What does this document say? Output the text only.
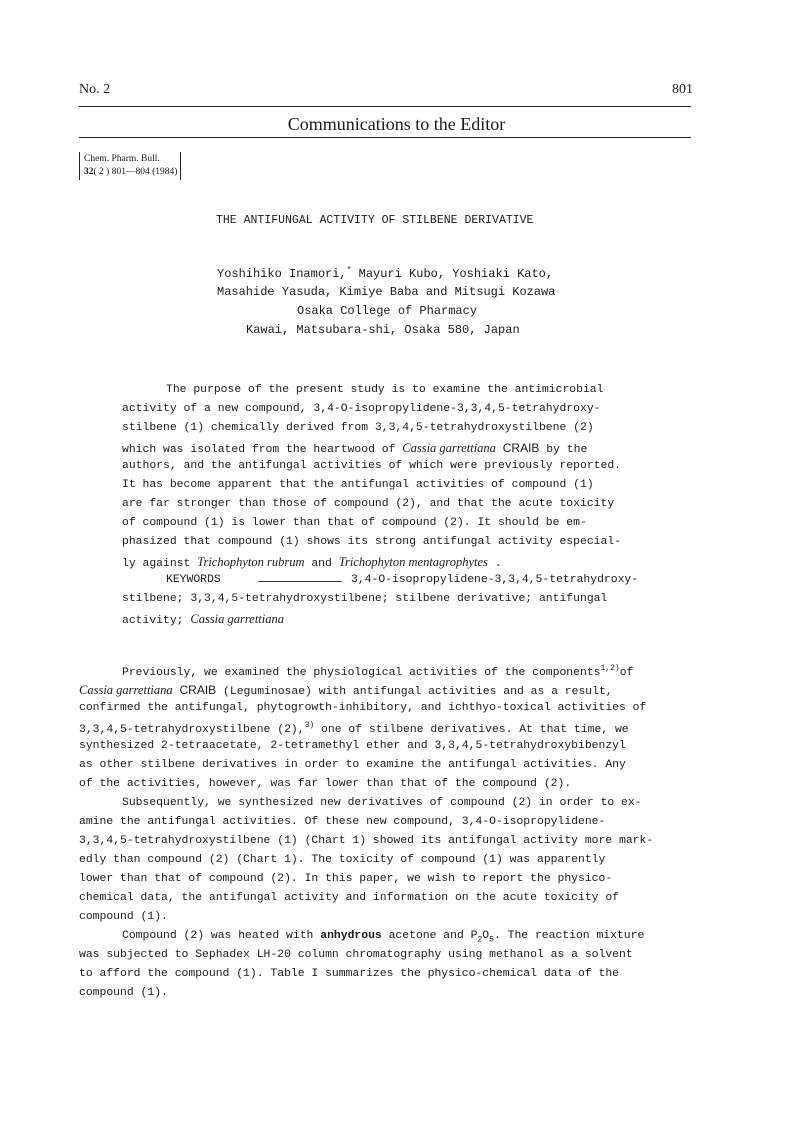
No. 2	801
Communications to the Editor
Chem. Pharm. Bull.
32( 2 ) 801—804 (1984)
THE ANTIFUNGAL ACTIVITY OF STILBENE DERIVATIVE
Yoshihiko Inamori,* Mayuri Kubo, Yoshiaki Kato,
Masahide Yasuda, Kimiye Baba and Mitsugi Kozawa
Osaka College of Pharmacy
Kawai, Matsubara-shi, Osaka 580, Japan
The purpose of the present study is to examine the antimicrobial
activity of a new compound, 3,4-O-isopropylidene-3,3,4,5-tetrahydroxy-
stilbene (1) chemically derived from 3,3,4,5-tetrahydroxystilbene (2)
which was isolated from the heartwood of Cassia garrettiana CRAIB by the
authors, and the antifungal activities of which were previously reported.
It has become apparent that the antifungal activities of compound (1)
are far stronger than those of compound (2), and that the acute toxicity
of compound (1) is lower than that of compound (2). It should be em-
phasized that compound (1) shows its strong antifungal activity especial-
ly against Trichophyton rubrum and Trichophyton mentagrophytes .
KEYWORDS	3,4-O-isopropylidene-3,3,4,5-tetrahydroxy-
stilbene; 3,3,4,5-tetrahydroxystilbene; stilbene derivative; antifungal
activity; Cassia garrettiana
Previously, we examined the physiological activities of the components$^{1,2)}$of
Cassia garrettiana CRAIB (Leguminosae) with antifungal activities and as a result,
confirmed the antifungal, phytogrowth-inhibitory, and ichthyo-toxical activities of
3,3,4,5-tetrahydroxystilbene (2),$^{3)}$ one of stilbene derivatives. At that time, we
synthesized 2-tetraacetate, 2-tetramethyl ether and 3,3,4,5-tetrahydroxybibenzyl
as other stilbene derivatives in order to examine the antifungal activities. Any
of the activities, however, was far lower than that of the compound (2).
Subsequently, we synthesized new derivatives of compound (2) in order to ex-
amine the antifungal activities. Of these new compound, 3,4-O-isopropylidene-
3,3,4,5-tetrahydroxystilbene (1) (Chart 1) showed its antifungal activity more mark-
edly than compound (2) (Chart 1). The toxicity of compound (1) was apparently
lower than that of compound (2). In this paper, we wish to report the physico-
chemical data, the antifungal activity and information on the acute toxicity of
compound (1).
Compound (2) was heated with anhydrous acetone and $P_2O_5$. The reaction mixture
was subjected to Sephadex LH-20 column chromatography using methanol as a solvent
to afford the compound (1). Table I summarizes the physico-chemical data of the
compound (1).
